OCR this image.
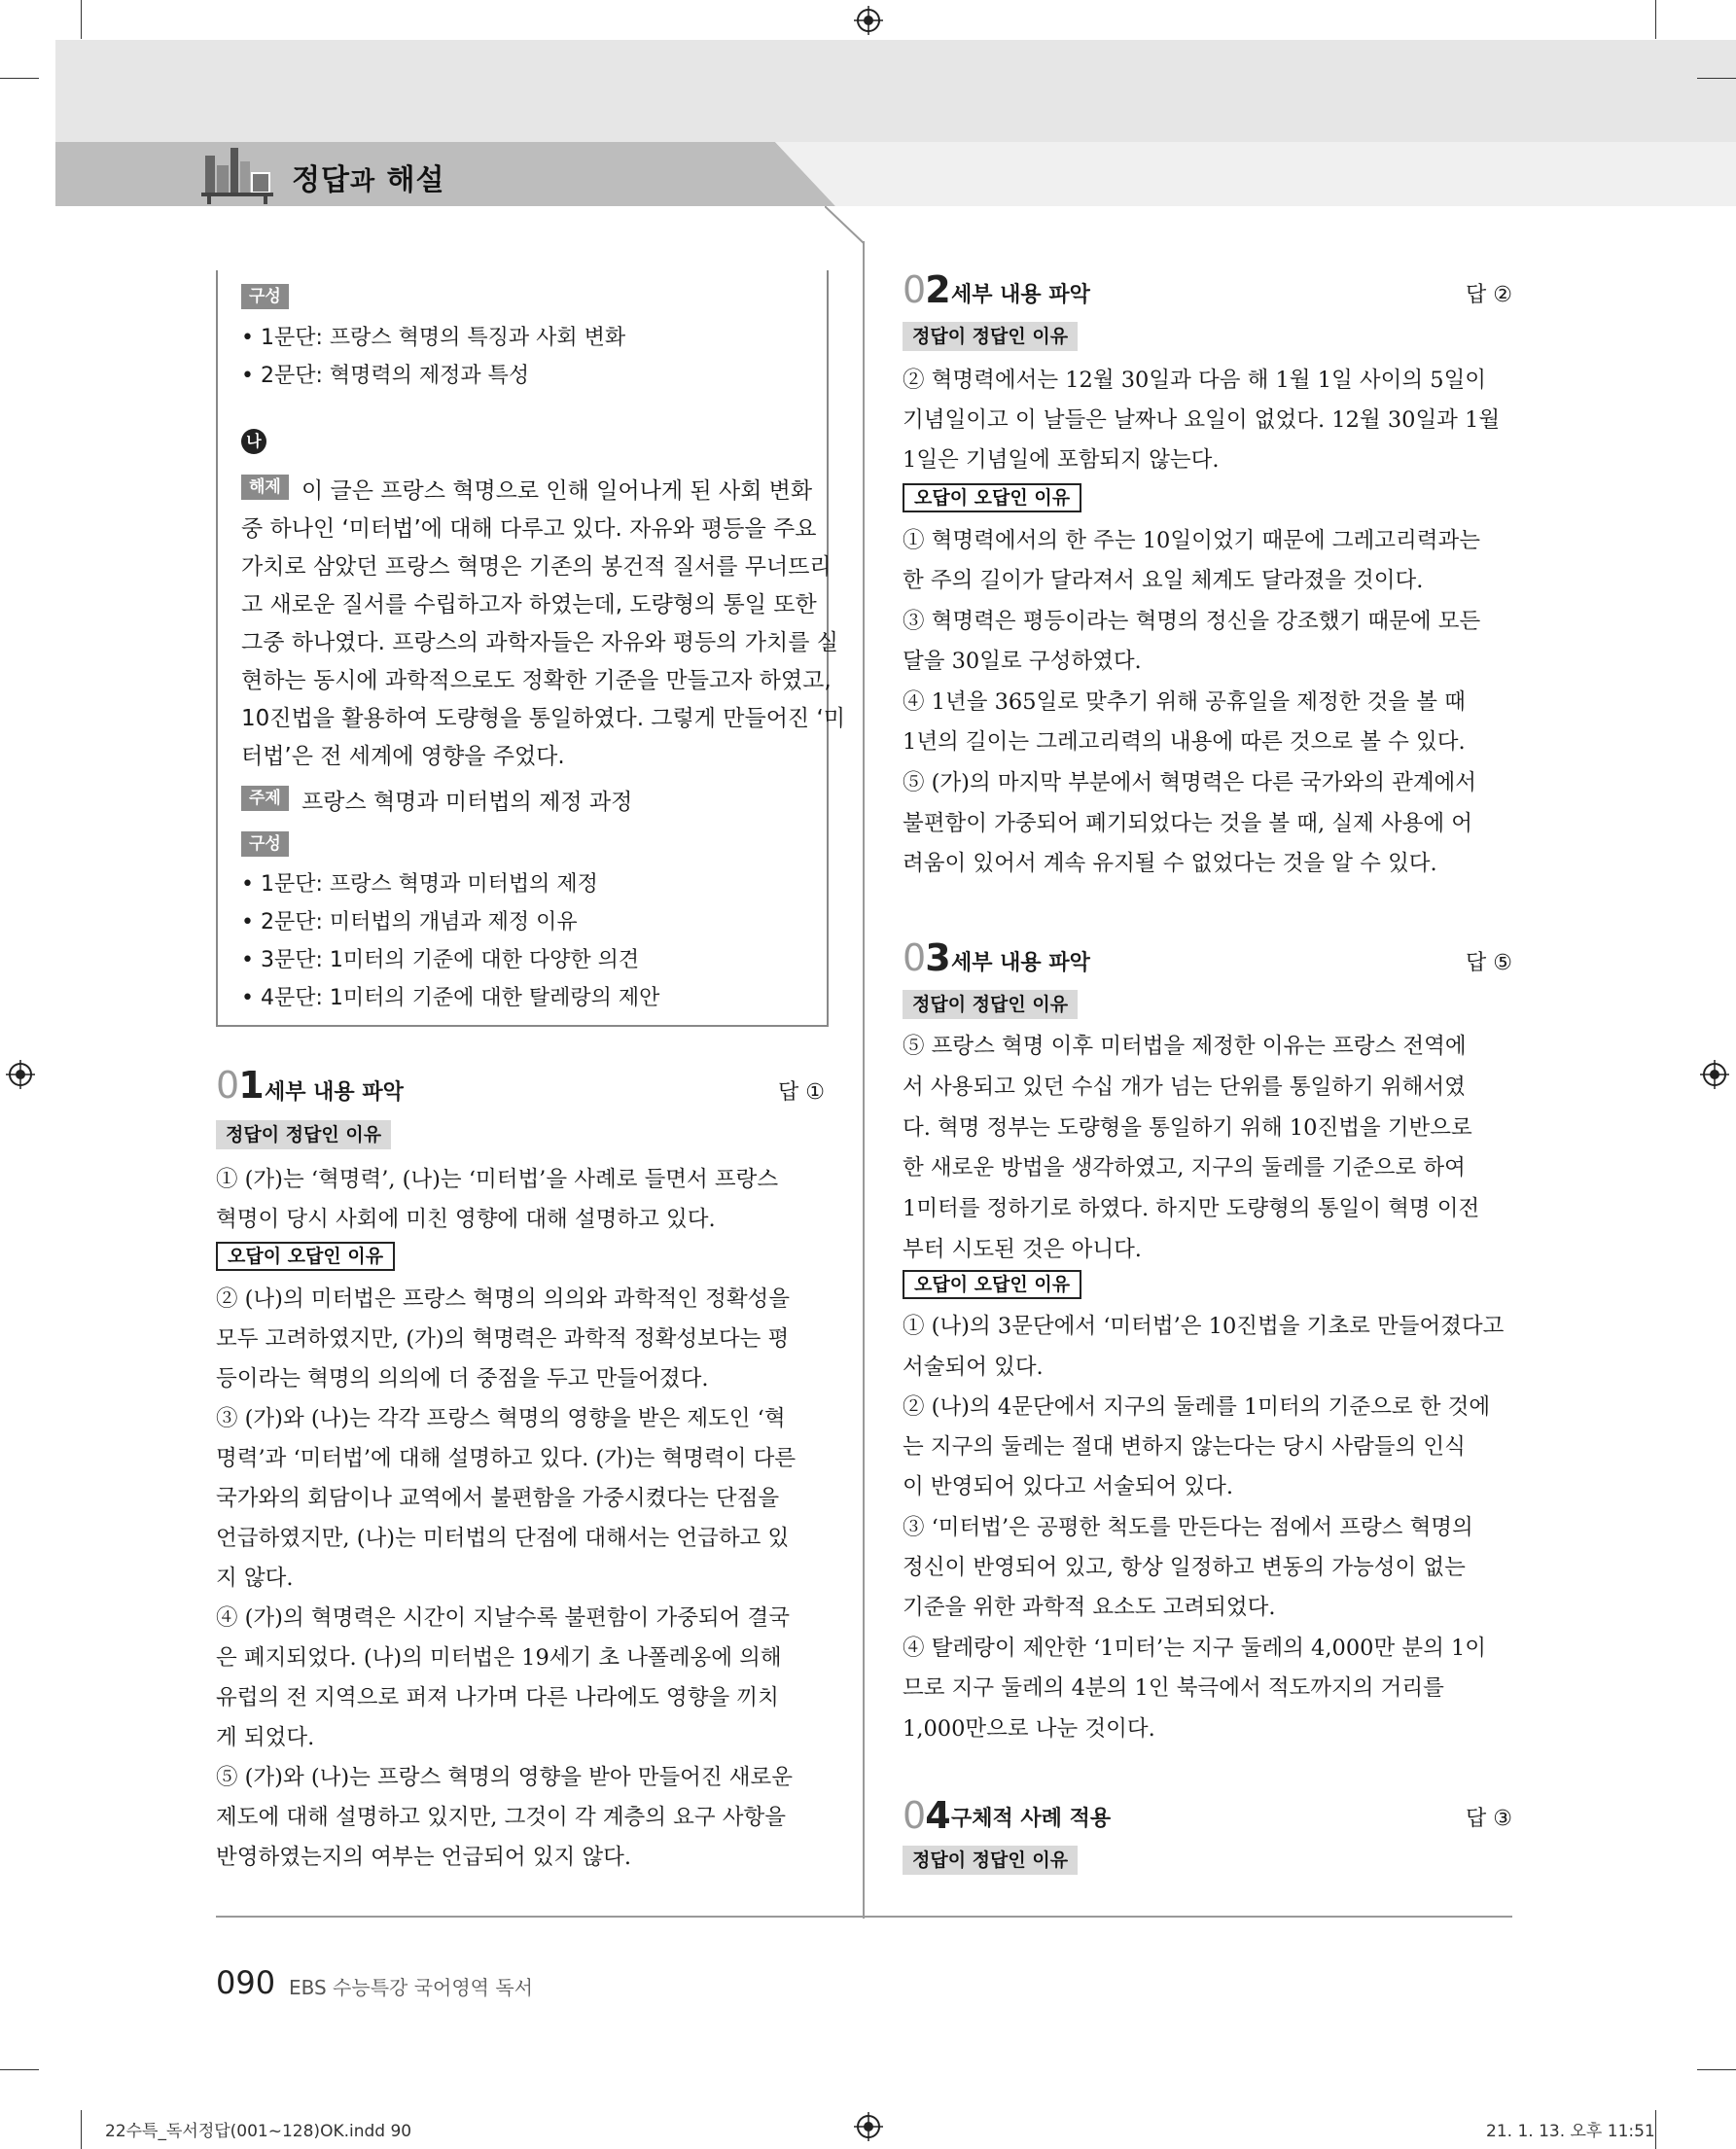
정답과 해설
구성
• 1문단: 프랑스 혁명의 특징과 사회 변화
• 2문단: 혁명력의 제정과 특성
나
해제 이 글은 프랑스 혁명으로 인해 일어나게 된 사회 변화
중 하나인 ‘미터법’에 대해 다루고 있다. 자유와 평등을 주요
가치로 삼았던 프랑스 혁명은 기존의 봉건적 질서를 무너뜨리
고 새로운 질서를 수립하고자 하였는데, 도량형의 통일 또한
그중 하나였다. 프랑스의 과학자들은 자유와 평등의 가치를 실
현하는 동시에 과학적으로도 정확한 기준을 만들고자 하였고,
10진법을 활용하여 도량형을 통일하였다. 그렇게 만들어진 ‘미
터법’은 전 세계에 영향을 주었다.
주제 프랑스 혁명과 미터법의 제정 과정
구성
• 1문단: 프랑스 혁명과 미터법의 제정
• 2문단: 미터법의 개념과 제정 이유
• 3문단: 1미터의 기준에 대한 다양한 의견
• 4문단: 1미터의 기준에 대한 탈레랑의 제안
01 세부 내용 파악	답 ①
정답이 정답인 이유
① (가)는 ‘혁명력’, (나)는 ‘미터법’을 사례로 들면서 프랑스
혁명이 당시 사회에 미친 영향에 대해 설명하고 있다.
오답이 오답인 이유
② (나)의 미터법은 프랑스 혁명의 의의와 과학적인 정확성을
모두 고려하였지만, (가)의 혁명력은 과학적 정확성보다는 평
등이라는 혁명의 의의에 더 중점을 두고 만들어졌다.
③ (가)와 (나)는 각각 프랑스 혁명의 영향을 받은 제도인 ‘혁
명력’과 ‘미터법’에 대해 설명하고 있다. (가)는 혁명력이 다른
국가와의 회담이나 교역에서 불편함을 가중시켰다는 단점을
언급하였지만, (나)는 미터법의 단점에 대해서는 언급하고 있
지 않다.
④ (가)의 혁명력은 시간이 지날수록 불편함이 가중되어 결국
은 폐지되었다. (나)의 미터법은 19세기 초 나폴레옹에 의해
유럽의 전 지역으로 퍼져 나가며 다른 나라에도 영향을 끼치
게 되었다.
⑤ (가)와 (나)는 프랑스 혁명의 영향을 받아 만들어진 새로운
제도에 대해 설명하고 있지만, 그것이 각 계층의 요구 사항을
반영하였는지의 여부는 언급되어 있지 않다.
02 세부 내용 파악	답 ②
정답이 정답인 이유
② 혁명력에서는 12월 30일과 다음 해 1월 1일 사이의 5일이
기념일이고 이 날들은 날짜나 요일이 없었다. 12월 30일과 1월
1일은 기념일에 포함되지 않는다.
오답이 오답인 이유
① 혁명력에서의 한 주는 10일이었기 때문에 그레고리력과는
한 주의 길이가 달라져서 요일 체계도 달라졌을 것이다.
③ 혁명력은 평등이라는 혁명의 정신을 강조했기 때문에 모든
달을 30일로 구성하였다.
④ 1년을 365일로 맞추기 위해 공휴일을 제정한 것을 볼 때
1년의 길이는 그레고리력의 내용에 따른 것으로 볼 수 있다.
⑤ (가)의 마지막 부분에서 혁명력은 다른 국가와의 관계에서
불편함이 가중되어 폐기되었다는 것을 볼 때, 실제 사용에 어
려움이 있어서 계속 유지될 수 없었다는 것을 알 수 있다.
03 세부 내용 파악	답 ⑤
정답이 정답인 이유
⑤ 프랑스 혁명 이후 미터법을 제정한 이유는 프랑스 전역에
서 사용되고 있던 수십 개가 넘는 단위를 통일하기 위해서였
다. 혁명 정부는 도량형을 통일하기 위해 10진법을 기반으로
한 새로운 방법을 생각하였고, 지구의 둘레를 기준으로 하여
1미터를 정하기로 하였다. 하지만 도량형의 통일이 혁명 이전
부터 시도된 것은 아니다.
오답이 오답인 이유
① (나)의 3문단에서 ‘미터법’은 10진법을 기초로 만들어졌다고
서술되어 있다.
② (나)의 4문단에서 지구의 둘레를 1미터의 기준으로 한 것에
는 지구의 둘레는 절대 변하지 않는다는 당시 사람들의 인식
이 반영되어 있다고 서술되어 있다.
③ ‘미터법’은 공평한 척도를 만든다는 점에서 프랑스 혁명의
정신이 반영되어 있고, 항상 일정하고 변동의 가능성이 없는
기준을 위한 과학적 요소도 고려되었다.
④ 탈레랑이 제안한 ‘1미터’는 지구 둘레의 4,000만 분의 1이
므로 지구 둘레의 4분의 1인 북극에서 적도까지의 거리를
1,000만으로 나눈 것이다.
04 구체적 사례 적용	답 ③
정답이 정답인 이유
090 EBS 수능특강 국어영역 독서
22수특_독서정답(001~128)OK.indd 90	21. 1. 13. 오후 11:51
